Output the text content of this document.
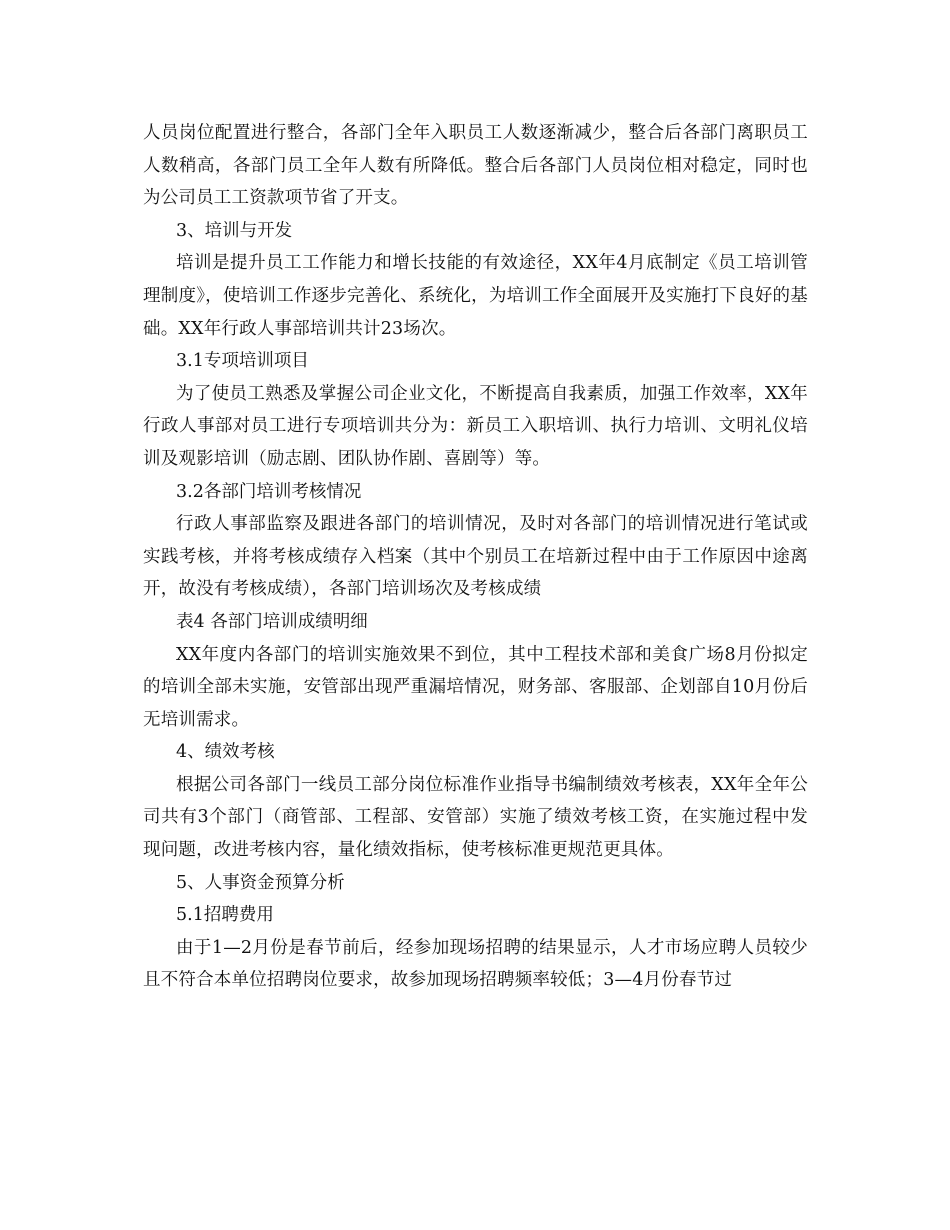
人员岗位配置进行整合，各部门全年入职员工人数逐渐减少，整合后各部门离职员工人数稍高，各部门员工全年人数有所降低。整合后各部门人员岗位相对稳定，同时也为公司员工工资款项节省了开支。

3、培训与开发

培训是提升员工工作能力和增长技能的有效途径，XX年4月底制定《员工培训管理制度》，使培训工作逐步完善化、系统化，为培训工作全面展开及实施打下良好的基础。XX年行政人事部培训共计23场次。

3.1专项培训项目

为了使员工熟悉及掌握公司企业文化，不断提高自我素质，加强工作效率，XX年行政人事部对员工进行专项培训共分为：新员工入职培训、执行力培训、文明礼仪培训及观影培训（励志剧、团队协作剧、喜剧等）等。

3.2各部门培训考核情况

行政人事部监察及跟进各部门的培训情况，及时对各部门的培训情况进行笔试或实践考核，并将考核成绩存入档案（其中个别员工在培新过程中由于工作原因中途离开，故没有考核成绩），各部门培训场次及考核成绩

表4 各部门培训成绩明细

XX年度内各部门的培训实施效果不到位，其中工程技术部和美食广场8月份拟定的培训全部未实施，安管部出现严重漏培情况，财务部、客服部、企划部自10月份后无培训需求。

4、绩效考核

根据公司各部门一线员工部分岗位标准作业指导书编制绩效考核表，XX年全年公司共有3个部门（商管部、工程部、安管部）实施了绩效考核工资，在实施过程中发现问题，改进考核内容，量化绩效指标，使考核标准更规范更具体。

5、人事资金预算分析

5.1招聘费用

由于1—2月份是春节前后，经参加现场招聘的结果显示，人才市场应聘人员较少且不符合本单位招聘岗位要求，故参加现场招聘频率较低；3—4月份春节过
